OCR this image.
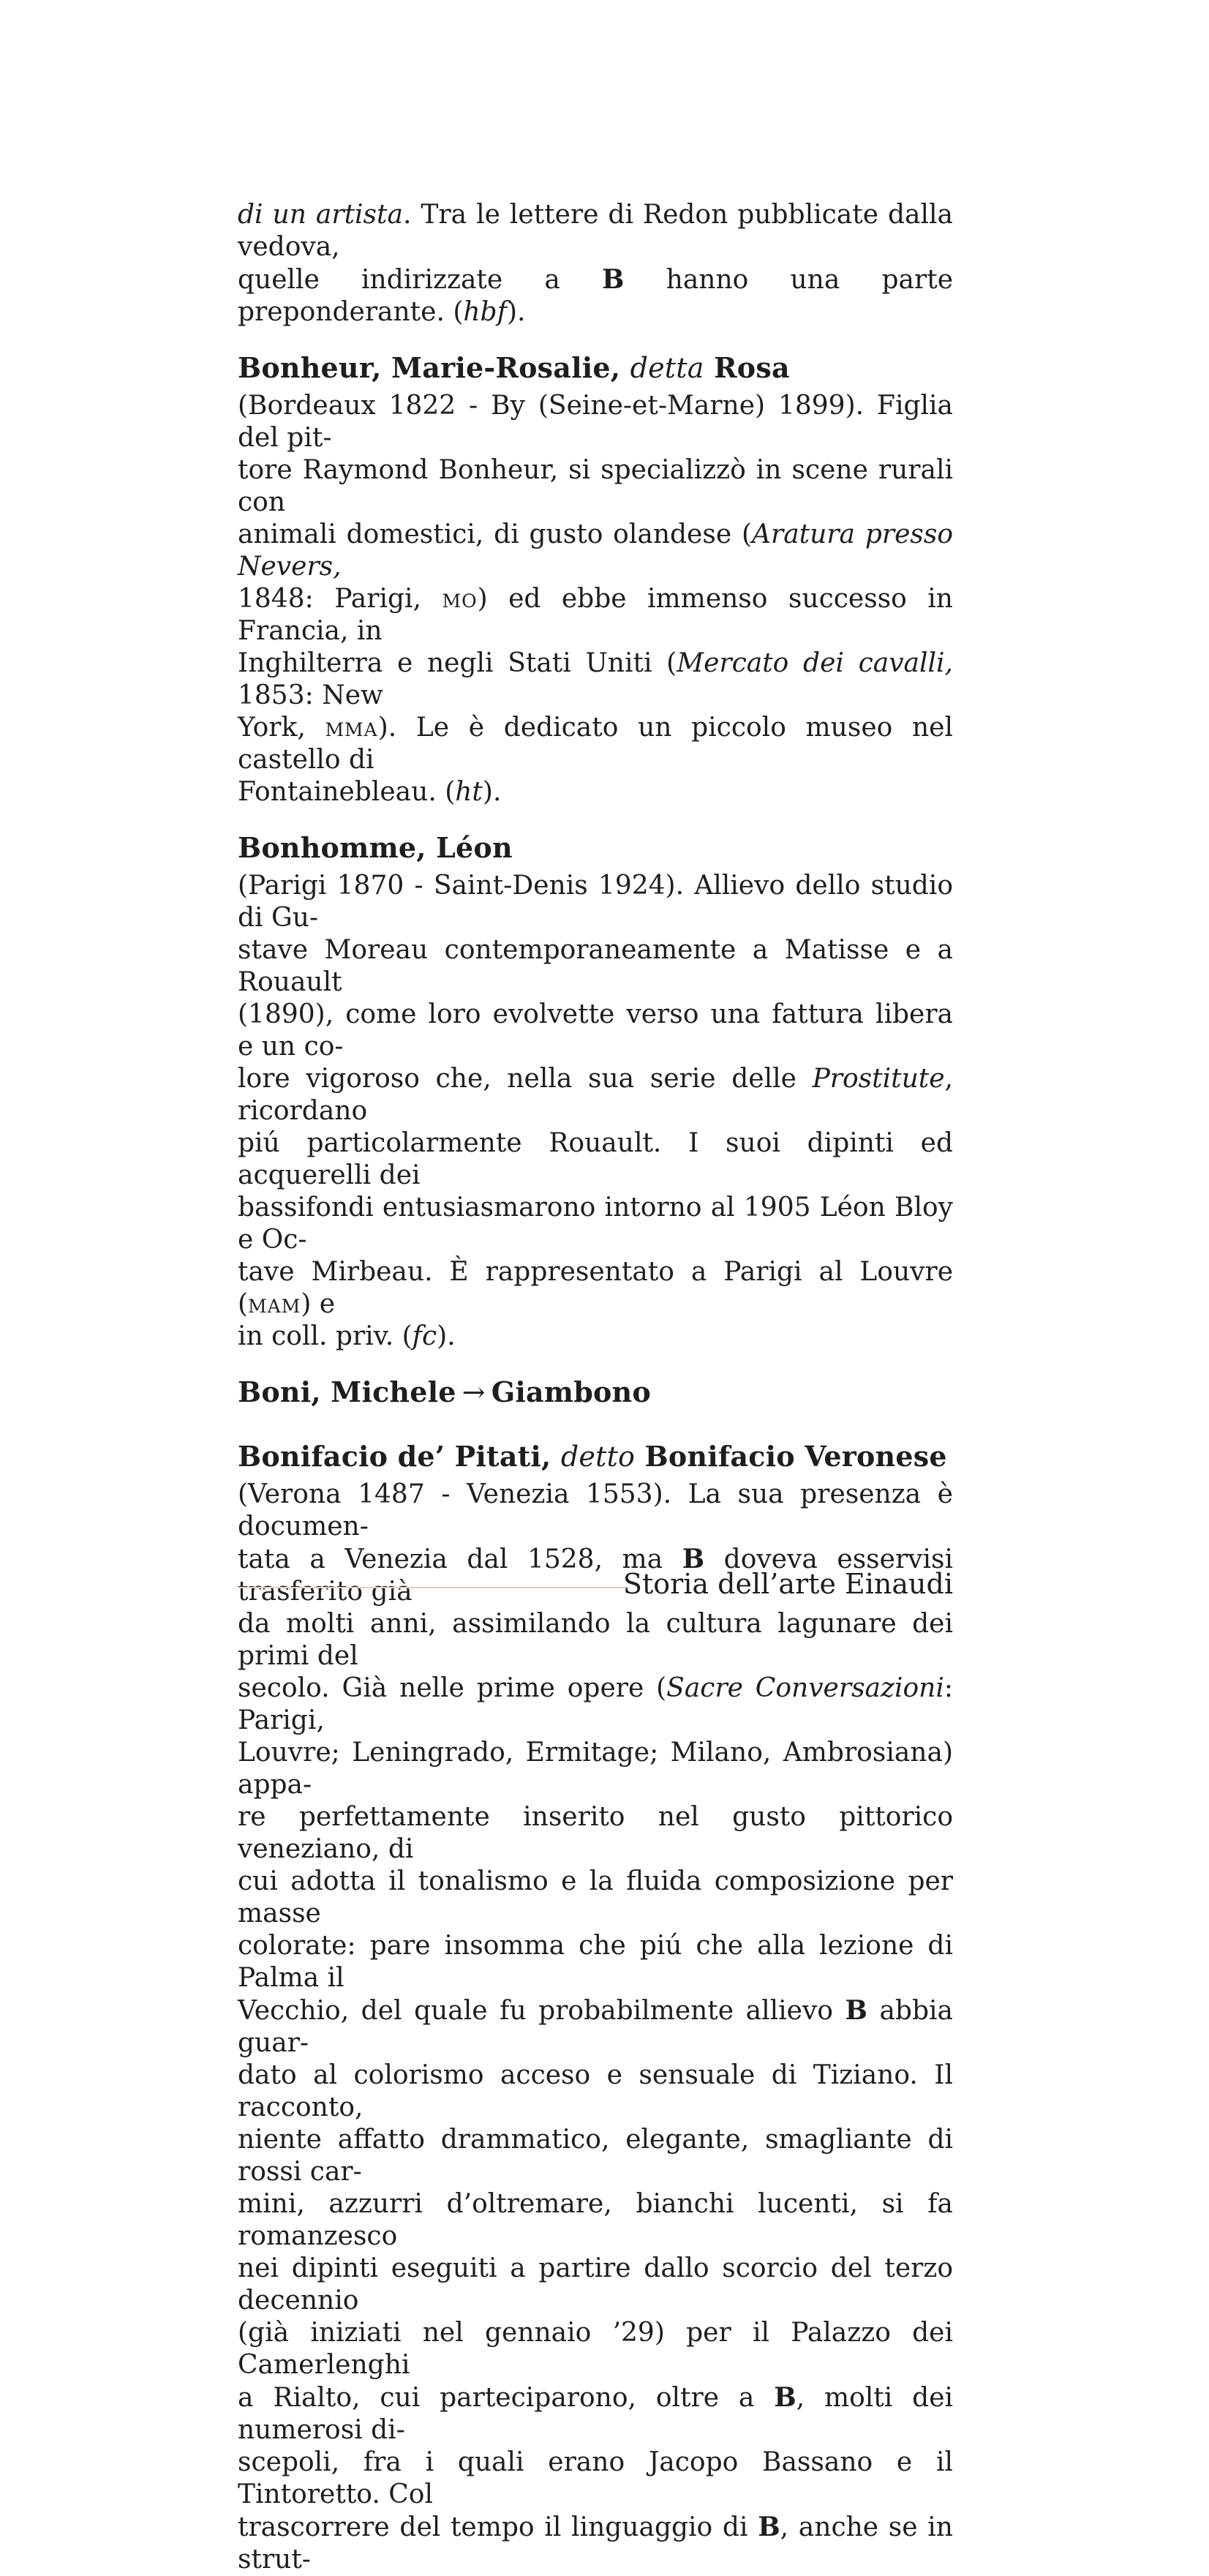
di un artista. Tra le lettere di Redon pubblicate dalla vedova,

quelle indirizzate a B hanno una parte preponderante. (hbf).

Bonheur, Marie-Rosalie, detta Rosa

(Bordeaux 1822 - By (Seine-et-Marne) 1899). Figlia del pit-

tore Raymond Bonheur, si specializzò in scene rurali con

animali domestici, di gusto olandese (Aratura presso Nevers,

1848: Parigi, mo) ed ebbe immenso successo in Francia, in

Inghilterra e negli Stati Uniti (Mercato dei cavalli, 1853: New

York, mma). Le è dedicato un piccolo museo nel castello di

Fontainebleau. (ht).

Bonhomme, Léon

(Parigi 1870 - Saint-Denis 1924). Allievo dello studio di Gu-

stave Moreau contemporaneamente a Matisse e a Rouault

(1890), come loro evolvette verso una fattura libera e un co-

lore vigoroso che, nella sua serie delle Prostitute, ricordano

piú particolarmente Rouault. I suoi dipinti ed acquerelli dei

bassifondi entusiasmarono intorno al 1905 Léon Bloy e Oc-

tave Mirbeau. È rappresentato a Parigi al Louvre (mam) e

in coll. priv. (fc).

Boni, Michele → Giambono
Bonifacio de’ Pitati, detto Bonifacio Veronese

(Verona 1487 - Venezia 1553). La sua presenza è documen-

tata a Venezia dal 1528, ma B doveva esservisi trasferito già

da molti anni, assimilando la cultura lagunare dei primi del

secolo. Già nelle prime opere (Sacre Conversazioni: Parigi,

Louvre; Leningrado, Ermitage; Milano, Ambrosiana) appa-

re perfettamente inserito nel gusto pittorico veneziano, di

cui adotta il tonalismo e la fluida composizione per masse

colorate: pare insomma che piú che alla lezione di Palma il

Vecchio, del quale fu probabilmente allievo B abbia guar-

dato al colorismo acceso e sensuale di Tiziano. Il racconto,

niente affatto drammatico, elegante, smagliante di rossi car-

mini, azzurri d’oltremare, bianchi lucenti, si fa romanzesco

nei dipinti eseguiti a partire dallo scorcio del terzo decennio

(già iniziati nel gennaio ’29) per il Palazzo dei Camerlenghi

a Rialto, cui parteciparono, oltre a B, molti dei numerosi di-

scepoli, fra i quali erano Jacopo Bassano e il Tintoretto. Col

trascorrere del tempo il linguaggio di B, anche se in strut-

Storia dell’arte Einaudi
